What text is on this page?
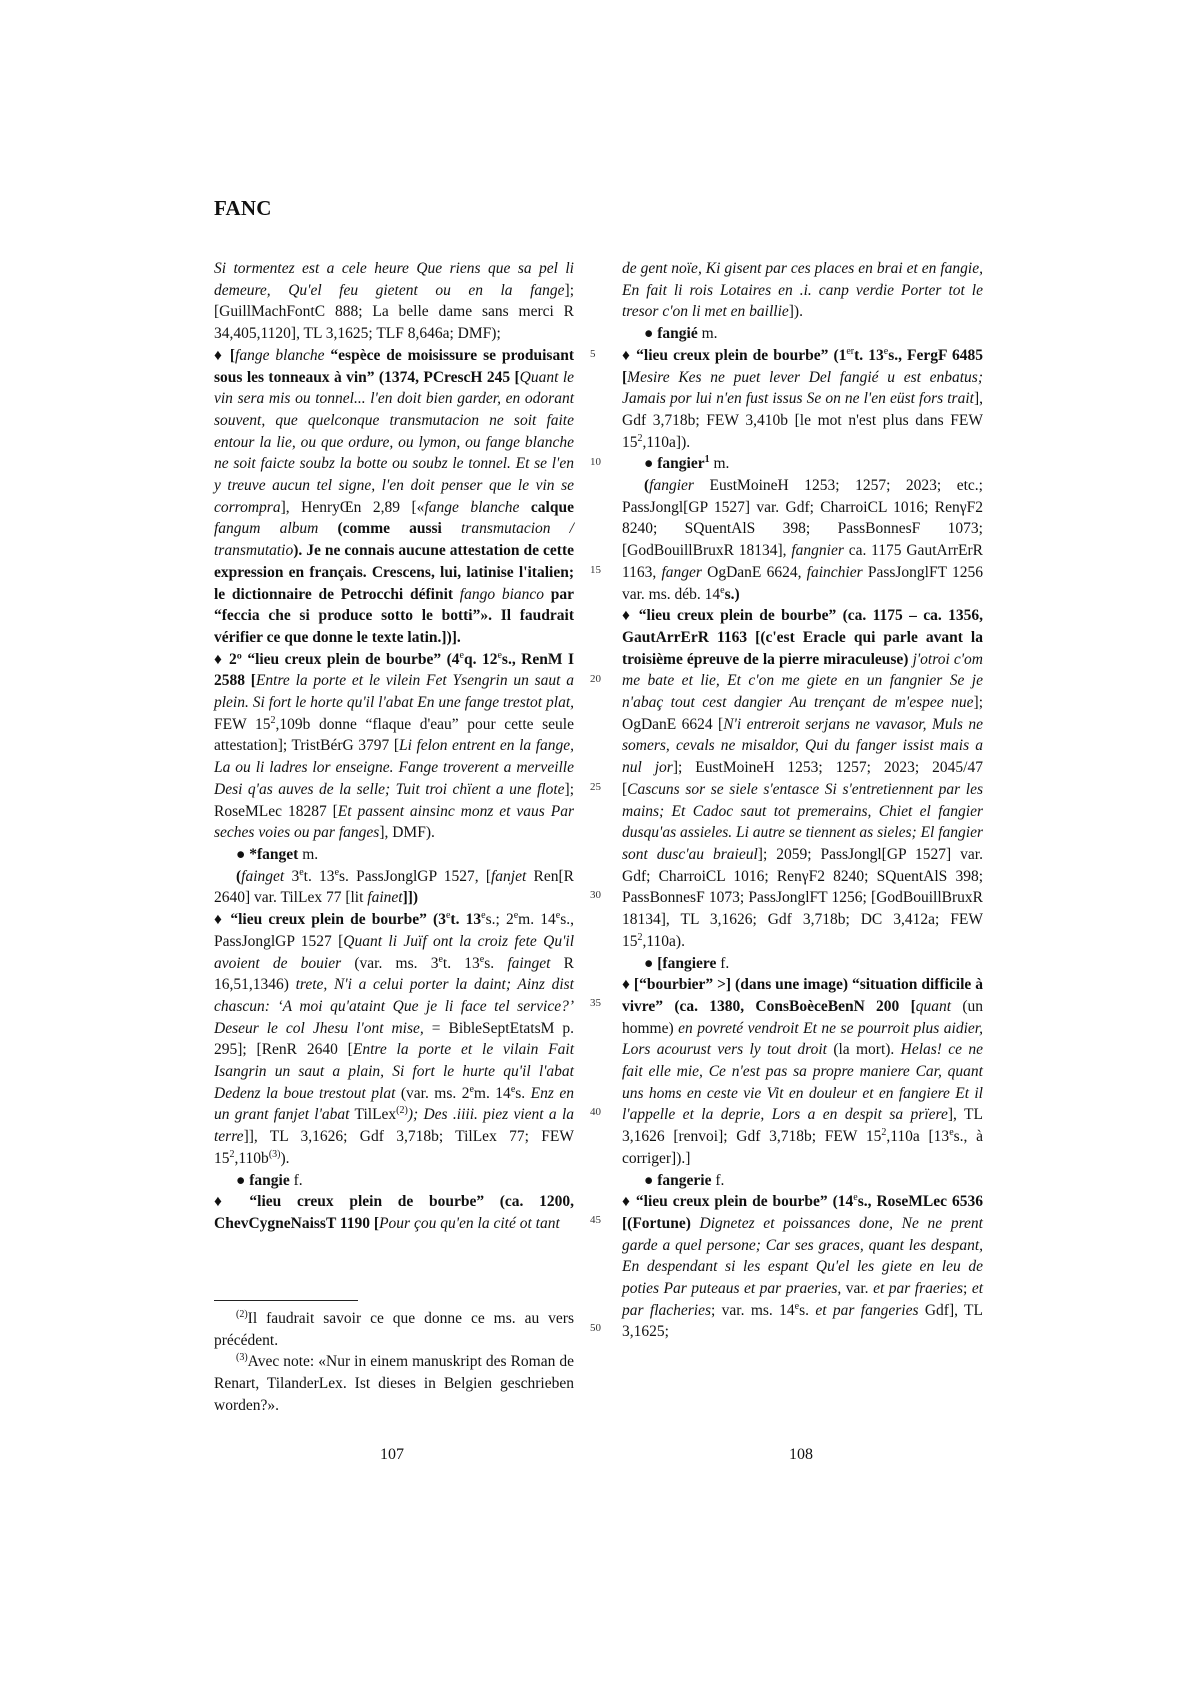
FANC
5
10
15
20
25
30
35
40
45
50

Si tormentez est a cele heure Que riens que sa pel li demeure, Qu'el feu gietent ou en la fange]; [GuillMachFontC 888; La belle dame sans merci R 34,405,1120], TL 3,1625; TLF 8,646a; DMF);

♦ [fange blanche “espèce de moisissure se produisant sous les tonneaux à vin” (1374, PCrescH 245 [Quant le vin sera mis ou tonnel... l'en doit bien garder, en odorant souvent, que quelconque transmutacion ne soit faite entour la lie, ou que ordure, ou lymon, ou fange blanche ne soit faicte soubz la botte ou soubz le tonnel. Et se l'en y treuve aucun tel signe, l'en doit penser que le vin se corrompra], HenryŒn 2,89 [«fange blanche calque fangum album (comme aussi transmutacion / transmutatio). Je ne connais aucune attestation de cette expression en français. Crescens, lui, latinise l'italien; le dictionnaire de Petrocchi définit fango bianco par “feccia che si produce sotto le botti”». Il faudrait vérifier ce que donne le texte latin.])].

♦ 2º “lieu creux plein de bourbe” (4eq. 12es., RenM I 2588 [Entre la porte et le vilein Fet Ysengrin un saut a plein. Si fort le horte qu'il l'abat En une fange trestot plat, FEW $15^2,109b$ donne “flaque d'eau” pour cette seule attestation]; TristBérG 3797 [Li felon entrent en la fange, La ou li ladres lor enseigne. Fange troverent a merveille Desi q'as auves de la selle; Tuit troi chïent a une flote]; RoseMLec 18287 [Et passent ainsinc monz et vaus Par seches voies ou par fanges], DMF).

● *fanget m.

(fainget 3et. 13es. PassJonglGP 1527, [fanjet Ren[R 2640] var. TilLex 77 [lit fainet]])

♦ “lieu creux plein de bourbe” (3et. 13es.; 2em. 14es., PassJonglGP 1527 [Quant li Juïf ont la croiz fete Qu'il avoient de bouier (var. ms. 3et. 13es. fainget R 16,51,1346) trete, N'i a celui porter la daint; Ainz dist chascun: ‘A moi qu'ataint Que je li face tel service?’ Deseur le col Jhesu l'ont mise, = BibleSeptEtatsM p. 295]; [RenR 2640 [Entre la porte et le vilain Fait Isangrin un saut a plain, Si fort le hurte qu'il l'abat Dedenz la boue trestout plat (var. ms. 2em. 14es. Enz en un grant fanjet l'abat TilLex$^{(2)}$); Des .iiii. piez vient a la terre]], TL 3,1626; Gdf 3,718b; TilLex 77; FEW $15^2,110b^{(3)}$).

● fangie f.

♦ “lieu creux plein de bourbe” (ca. 1200, ChevCygneNaissT 1190 [Pour çou qu'en la cité ot tant

de gent noïe, Ki gisent par ces places en brai et en fangie, En fait li rois Lotaires en .i. canp verdie Porter tot le tresor c'on li met en baillie]).

● fangié m.

♦ “lieu creux plein de bourbe” (1ert. 13es., FergF 6485 [Mesire Kes ne puet lever Del fangié u est enbatus; Jamais por lui n'en fust issus Se on ne l'en eüst fors trait], Gdf 3,718b; FEW 3,410b [le mot n'est plus dans FEW $15^2,110a$]).

● fangier$^1$ m.

(fangier EustMoineH 1253; 1257; 2023; etc.; PassJongl[GP 1527] var. Gdf; CharroiCL 1016; RenγF2 8240; SQuentAlS 398; PassBonnesF 1073; [GodBouillBruxR 18134], fangnier ca. 1175 GautArrErR 1163, fanger OgDanE 6624, fainchier PassJonglFT 1256 var. ms. déb. 14es.)

♦ “lieu creux plein de bourbe” (ca. 1175 – ca. 1356, GautArrErR 1163 [(c'est Eracle qui parle avant la troisième épreuve de la pierre miraculeuse) j'otroi c'om me bate et lie, Et c'on me giete en un fangnier Se je n'abaç tout cest dangier Au trençant de m'espee nue]; OgDanE 6624 [N'i entreroit serjans ne vavasor, Muls ne somers, cevals ne misaldor, Qui du fanger issist mais a nul jor]; EustMoineH 1253; 1257; 2023; 2045/47 [Cascuns sor se siele s'entasce Si s'entretiennent par les mains; Et Cadoc saut tot premerains, Chiet el fangier dusqu'as assieles. Li autre se tiennent as sieles; El fangier sont dusc'au braieul]; 2059; PassJongl[GP 1527] var. Gdf; CharroiCL 1016; RenγF2 8240; SQuentAlS 398; PassBonnesF 1073; PassJonglFT 1256; [GodBouillBruxR 18134], TL 3,1626; Gdf 3,718b; DC 3,412a; FEW $15^2,110a$).

● [fangiere f.

♦ [“bourbier” >] (dans une image) “situation difficile à vivre” (ca. 1380, ConsBoèceBenN 200 [quant (un homme) en povreté vendroit Et ne se pourroit plus aidier, Lors acourust vers ly tout droit (la mort). Helas! ce ne fait elle mie, Ce n'est pas sa propre maniere Car, quant uns homs en ceste vie Vit en douleur et en fangiere Et il l'appelle et la deprie, Lors a en despit sa prïere], TL 3,1626 [renvoi]; Gdf 3,718b; FEW $15^2,110a$ [13es., à corriger]).]

● fangerie f.

♦ “lieu creux plein de bourbe” (14es., RoseMLec 6536 [(Fortune) Dignetez et poissances done, Ne ne prent garde a quel persone; Car ses graces, quant les despant, En despendant si les espant Qu'el les giete en leu de poties Par puteaus et par praeries, var. et par fraeries; et par flacheries; var. ms. 14es. et par fangeries Gdf], TL 3,1625;

$^{(2)}$Il faudrait savoir ce que donne ce ms. au vers précédent.

$^{(3)}$Avec note: «Nur in einem manuskript des Roman de Renart, TilanderLex. Ist dieses in Belgien geschrieben worden?».

107	108
